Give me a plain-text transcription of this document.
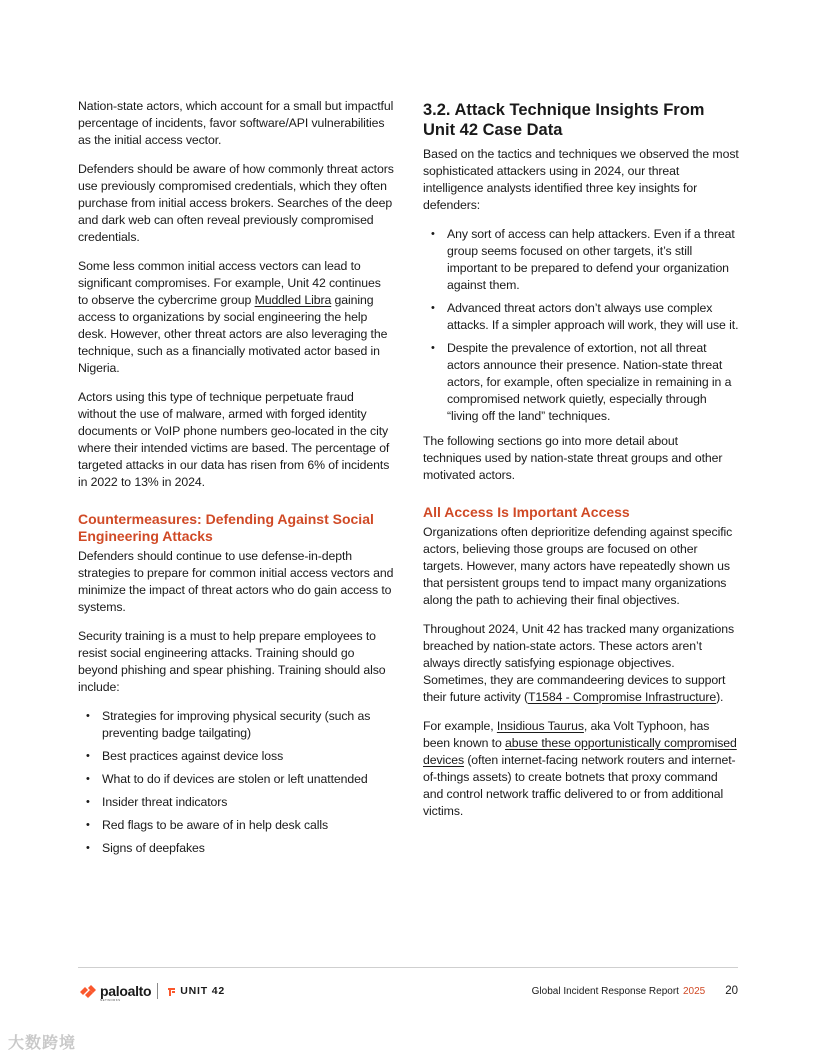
Nation-state actors, which account for a small but impactful percentage of incidents, favor software/API vulnerabilities as the initial access vector.

Defenders should be aware of how commonly threat actors use previously compromised credentials, which they often purchase from initial access brokers. Searches of the deep and dark web can often reveal previously compromised credentials.

Some less common initial access vectors can lead to significant compromises. For example, Unit 42 continues to observe the cybercrime group Muddled Libra gaining access to organizations by social engineering the help desk. However, other threat actors are also leveraging the technique, such as a financially motivated actor based in Nigeria.

Actors using this type of technique perpetuate fraud without the use of malware, armed with forged identity documents or VoIP phone numbers geo-located in the city where their intended victims are based. The percentage of targeted attacks in our data has risen from 6% of incidents in 2022 to 13% in 2024.

Countermeasures: Defending Against Social Engineering Attacks

Defenders should continue to use defense-in-depth strategies to prepare for common initial access vectors and minimize the impact of threat actors who do gain access to systems.

Security training is a must to help prepare employees to resist social engineering attacks. Training should go beyond phishing and spear phishing. Training should also include:

• Strategies for improving physical security (such as preventing badge tailgating)
• Best practices against device loss
• What to do if devices are stolen or left unattended
• Insider threat indicators
• Red flags to be aware of in help desk calls
• Signs of deepfakes
3.2. Attack Technique Insights From Unit 42 Case Data

Based on the tactics and techniques we observed the most sophisticated attackers using in 2024, our threat intelligence analysts identified three key insights for defenders:

• Any sort of access can help attackers. Even if a threat group seems focused on other targets, it’s still important to be prepared to defend your organization against them.
• Advanced threat actors don’t always use complex attacks. If a simpler approach will work, they will use it.
• Despite the prevalence of extortion, not all threat actors announce their presence. Nation-state threat actors, for example, often specialize in remaining in a compromised network quietly, especially through “living off the land” techniques.

The following sections go into more detail about techniques used by nation-state threat groups and other motivated actors.

All Access Is Important Access

Organizations often deprioritize defending against specific actors, believing those groups are focused on other targets. However, many actors have repeatedly shown us that persistent groups tend to impact many organizations along the path to achieving their final objectives.

Throughout 2024, Unit 42 has tracked many organizations breached by nation-state actors. These actors aren’t always directly satisfying espionage objectives. Sometimes, they are commandeering devices to support their future activity (T1584 - Compromise Infrastructure).

For example, Insidious Taurus, aka Volt Typhoon, has been known to abuse these opportunistically compromised devices (often internet-facing network routers and internet-of-things assets) to create botnets that proxy command and control network traffic delivered to or from additional victims.

paloalto
NETWORKS
UNIT 42	Global Incident Response Report 2025 20
大数跨境
